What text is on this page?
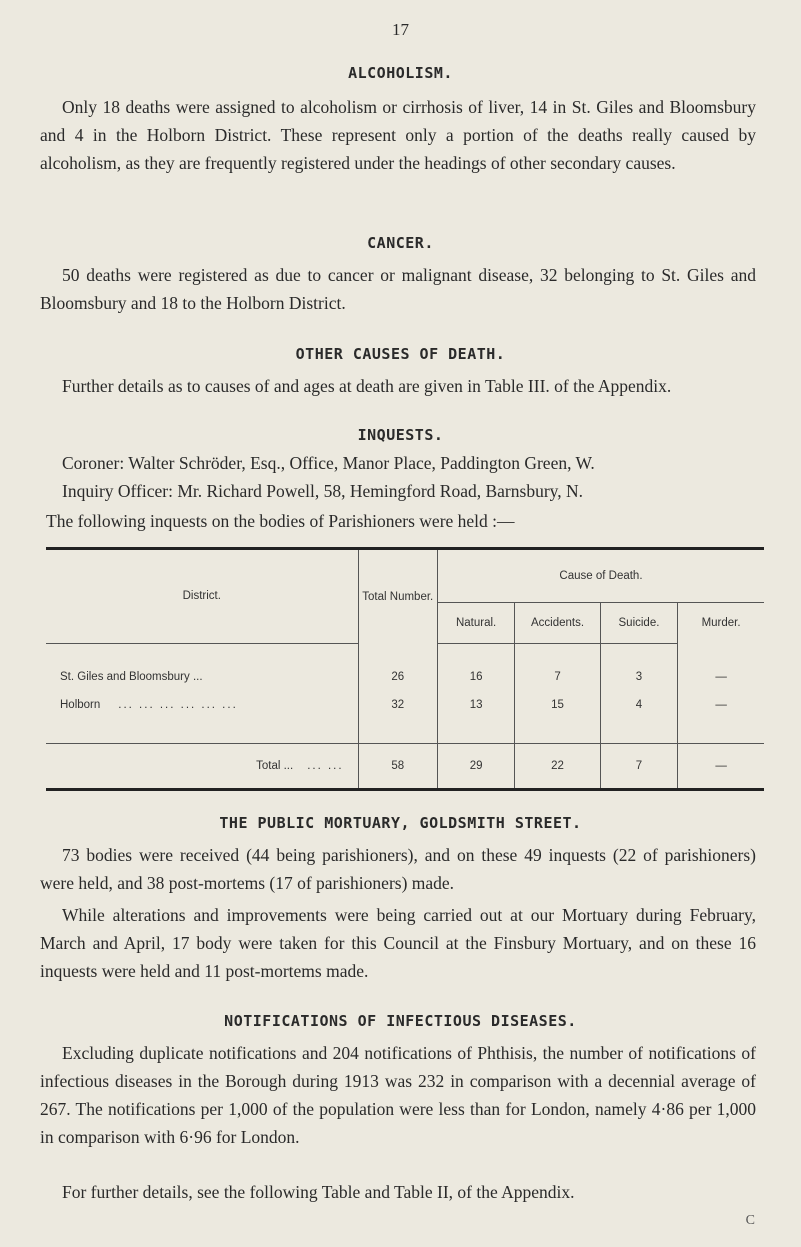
17
ALCOHOLISM.

Only 18 deaths were assigned to alcoholism or cirrhosis of liver, 14 in St. Giles and Bloomsbury and 4 in the Holborn District. These represent only a portion of the deaths really caused by alcoholism, as they are frequently registered under the headings of other secondary causes.

CANCER.

50 deaths were registered as due to cancer or malignant disease, 32 belonging to St. Giles and Bloomsbury and 18 to the Holborn District.

OTHER CAUSES OF DEATH.

Further details as to causes of and ages at death are given in Table III. of the Appendix.

INQUESTS.

Coroner: Walter Schröder, Esq., Office, Manor Place, Paddington Green, W.

Inquiry Officer: Mr. Richard Powell, 58, Hemingford Road, Barnsbury, N.

The following inquests on the bodies of Parishioners were held :—

District.	Total Number.	Cause of Death.			
		Natural.	Accidents.	Suicide.	Murder.

St. Giles and Bloomsbury ...	26	16	7	3	—
Holborn ... ... ... ... ... ...	32	13	15	4	—

Total ... ... ...	58	29	22	7	—
THE PUBLIC MORTUARY, GOLDSMITH STREET.

73 bodies were received (44 being parishioners), and on these 49 inquests (22 of parishioners) were held, and 38 post-mortems (17 of parishioners) made.

While alterations and improvements were being carried out at our Mortuary during February, March and April, 17 body were taken for this Council at the Finsbury Mortuary, and on these 16 inquests were held and 11 post-mortems made.

NOTIFICATIONS OF INFECTIOUS DISEASES.

Excluding duplicate notifications and 204 notifications of Phthisis, the number of notifications of infectious diseases in the Borough during 1913 was 232 in comparison with a decennial average of 267. The notifications per 1,000 of the population were less than for London, namely 4·86 per 1,000 in comparison with 6·96 for London.

For further details, see the following Table and Table II, of the Appendix.

C
